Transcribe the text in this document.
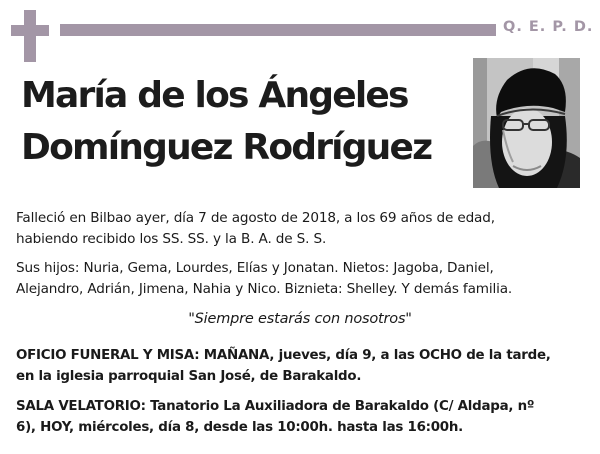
Q. E. P. D.
María de los Ángeles
Domínguez Rodríguez

Falleció en Bilbao ayer, día 7 de agosto de 2018, a los 69 años de edad,
habiendo recibido los SS. SS. y la B. A. de S. S.

Sus hijos: Nuria, Gema, Lourdes, Elías y Jonatan. Nietos: Jagoba, Daniel,
Alejandro, Adrián, Jimena, Nahia y Nico. Biznieta: Shelley. Y demás familia.

"Siempre estarás con nosotros"

OFICIO FUNERAL Y MISA: MAÑANA, jueves, día 9, a las OCHO de la tarde,
en la iglesia parroquial San José, de Barakaldo.

SALA VELATORIO: Tanatorio La Auxiliadora de Barakaldo (C/ Aldapa, nº
6), HOY, miércoles, día 8, desde las 10:00h. hasta las 16:00h.
